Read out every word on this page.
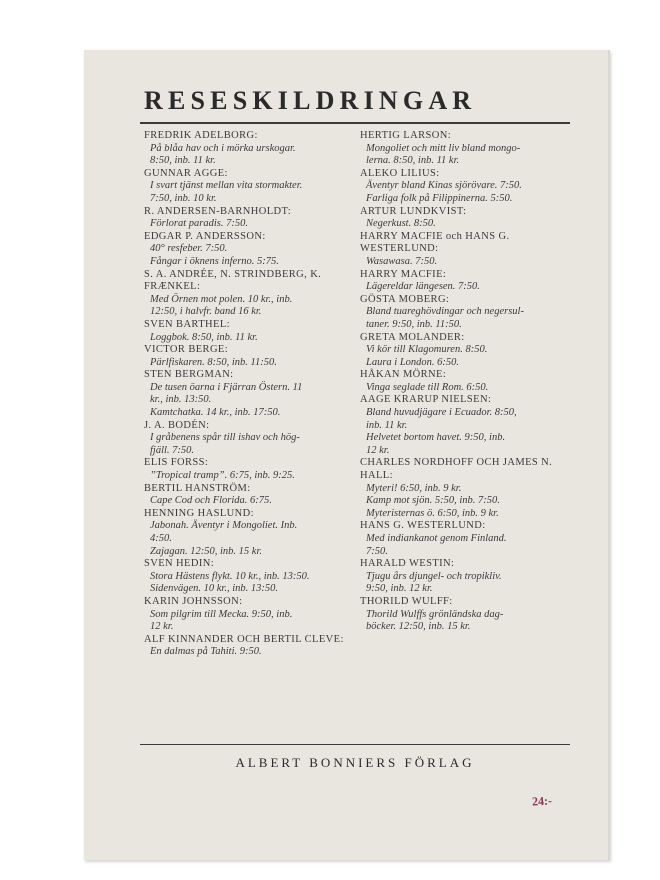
RESESKILDRINGAR
FREDRIK ADELBORG:
På blåa hav och i mörka urskogar.
8:50, inb. 11 kr.
GUNNAR AGGE:
I svart tjänst mellan vita stormakter.
7:50, inb. 10 kr.
R. ANDERSEN-BARNHOLDT:
Förlorat paradis. 7:50.
EDGAR P. ANDERSSON:
40° resfeber. 7:50.
Fångar i öknens inferno. 5:75.
S. A. ANDRÉE, N. STRINDBERG, K. FRÆNKEL:
Med Örnen mot polen. 10 kr., inb.
12:50, i halvfr. band 16 kr.
SVEN BARTHEL:
Loggbok. 8:50, inb. 11 kr.
VICTOR BERGE:
Pärlfiskaren. 8:50, inb. 11:50.
STEN BERGMAN:
De tusen öarna i Fjärran Östern. 11
kr., inb. 13:50.
Kamtchatka. 14 kr., inb. 17:50.
J. A. BODÉN:
I gråbenens spår till ishav och hög-
fjäll. 7:50.
ELIS FORSS:
”Tropical tramp”. 6:75, inb. 9:25.
BERTIL HANSTRÖM:
Cape Cod och Florida. 6:75.
HENNING HASLUND:
Jabonah. Äventyr i Mongoliet. Inb.
4:50.
Zajagan. 12:50, inb. 15 kr.
SVEN HEDIN:
Stora Hästens flykt. 10 kr., inb. 13:50.
Sidenvägen. 10 kr., inb. 13:50.
KARIN JOHNSSON:
Som pilgrim till Mecka. 9:50, inb.
12 kr.
ALF KINNANDER OCH BERTIL CLEVE:
En dalmas på Tahiti. 9:50.
HERTIG LARSON:
Mongoliet och mitt liv bland mongo-
lerna. 8:50, inb. 11 kr.
ALEKO LILIUS:
Äventyr bland Kinas sjörövare. 7:50.
Farliga folk på Filippinerna. 5:50.
ARTUR LUNDKVIST:
Negerkust. 8:50.
HARRY MACFIE och HANS G. WESTERLUND:
Wasawasa. 7:50.
HARRY MACFIE:
Lägereldar längesen. 7:50.
GÖSTA MOBERG:
Bland tuareghövdingar och negersul-
taner. 9:50, inb. 11:50.
GRETA MOLANDER:
Vi kör till Klagomuren. 8:50.
Laura i London. 6:50.
HÅKAN MÖRNE:
Vinga seglade till Rom. 6:50.
AAGE KRARUP NIELSEN:
Bland huvudjägare i Ecuador. 8:50,
inb. 11 kr.
Helvetet bortom havet. 9:50, inb.
12 kr.
CHARLES NORDHOFF OCH JAMES N. HALL:
Myteri! 6:50, inb. 9 kr.
Kamp mot sjön. 5:50, inb. 7:50.
Myteristernas ö. 6:50, inb. 9 kr.
HANS G. WESTERLUND:
Med indiankanot genom Finland.
7:50.
HARALD WESTIN:
Tjugu års djungel- och tropikliv.
9:50, inb. 12 kr.
THORILD WULFF:
Thorild Wulffs grönländska dag-
böcker. 12:50, inb. 15 kr.
ALBERT BONNIERS FÖRLAG
24:-
